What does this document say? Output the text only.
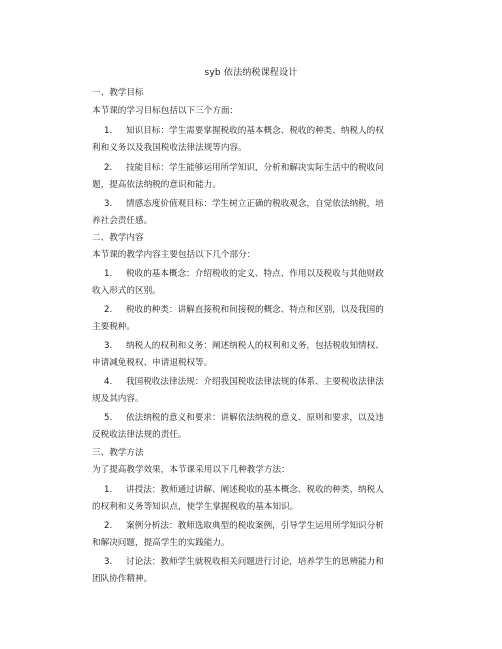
syb 依法纳税课程设计

一、教学目标

本节课的学习目标包括以下三个方面：

1. 知识目标：学生需要掌握税收的基本概念、税收的种类、纳税人的权
利和义务以及我国税收法律法规等内容。
2. 技能目标：学生能够运用所学知识，分析和解决实际生活中的税收问
题，提高依法纳税的意识和能力。
3. 情感态度价值观目标：学生树立正确的税收观念，自觉依法纳税，培
养社会责任感。

二、教学内容

本节课的教学内容主要包括以下几个部分：

1. 税收的基本概念：介绍税收的定义、特点、作用以及税收与其他财政
收入形式的区别。
2. 税收的种类：讲解直接税和间接税的概念、特点和区别，以及我国的
主要税种。
3. 纳税人的权利和义务：阐述纳税人的权利和义务，包括税收知情权、
申请减免税权、申请退税权等。
4. 我国税收法律法规：介绍我国税收法律法规的体系、主要税收法律法
规及其内容。
5. 依法纳税的意义和要求：讲解依法纳税的意义、原则和要求，以及违
反税收法律法规的责任。

三、教学方法

为了提高教学效果，本节课采用以下几种教学方法：

1. 讲授法：教师通过讲解、阐述税收的基本概念、税收的种类、纳税人
的权利和义务等知识点，使学生掌握税收的基本知识。
2. 案例分析法：教师选取典型的税收案例，引导学生运用所学知识分析
和解决问题，提高学生的实践能力。
3. 讨论法：教师学生就税收相关问题进行讨论，培养学生的思辨能力和
团队协作精神。
